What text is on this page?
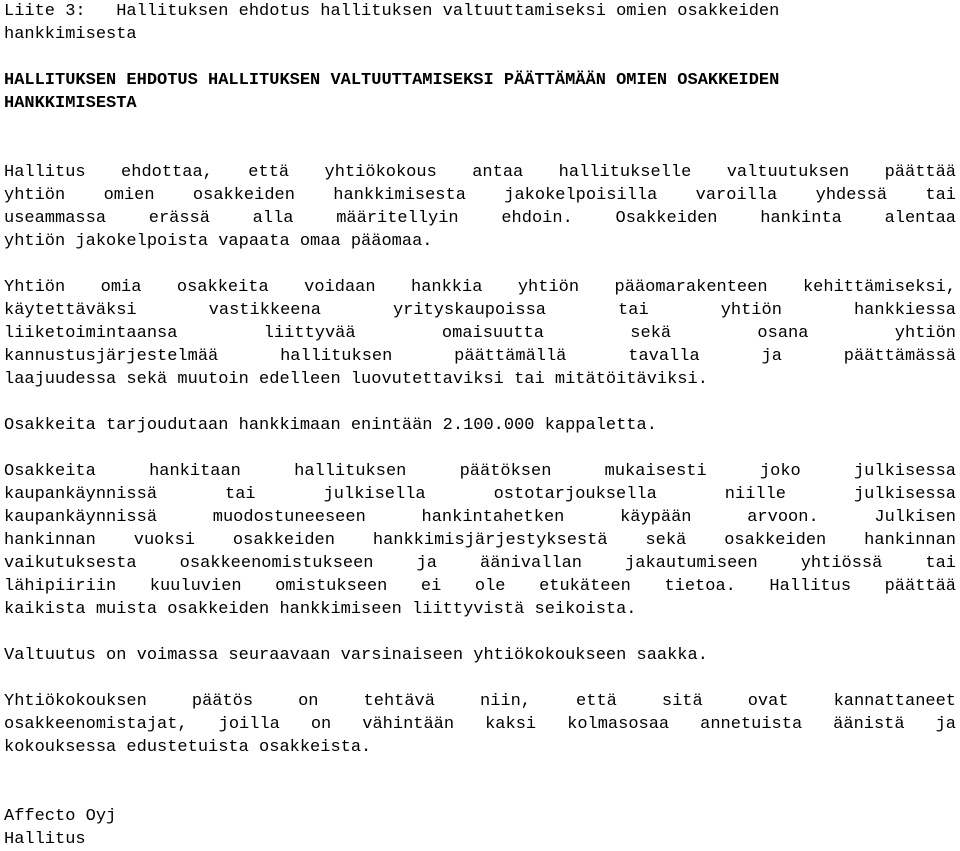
Liite 3:   Hallituksen ehdotus hallituksen valtuuttamiseksi omien osakkeiden
hankkimisesta
HALLITUKSEN EHDOTUS HALLITUKSEN VALTUUTTAMISEKSI PÄÄTTÄMÄÄN OMIEN OSAKKEIDEN
HANKKIMISESTA
Hallitus ehdottaa, että yhtiökokous antaa hallitukselle valtuutuksen päättää
yhtiön omien osakkeiden hankkimisesta jakokelpoisilla varoilla yhdessä tai
useammassa erässä alla määritellyin ehdoin. Osakkeiden hankinta alentaa
yhtiön jakokelpoista vapaata omaa pääomaa.
Yhtiön omia osakkeita voidaan hankkia yhtiön pääomarakenteen kehittämiseksi,
käytettäväksi vastikkeena yrityskaupoissa tai yhtiön hankkiessa
liiketoimintaansa liittyvää omaisuutta sekä osana yhtiön
kannustusjärjestelmää hallituksen päättämällä tavalla ja päättämässä
laajuudessa sekä muutoin edelleen luovutettaviksi tai mitätöitäviksi.
Osakkeita tarjoudutaan hankkimaan enintään 2.100.000 kappaletta.
Osakkeita hankitaan hallituksen päätöksen mukaisesti joko julkisessa
kaupankäynnissä tai julkisella ostotarjouksella niille julkisessa
kaupankäynnissä muodostuneeseen hankintahetken käypään arvoon. Julkisen
hankinnan vuoksi osakkeiden hankkimisjärjestyksestä sekä osakkeiden hankinnan
vaikutuksesta osakkeenomistukseen ja äänivallan jakautumiseen yhtiössä tai
lähipiiriin kuuluvien omistukseen ei ole etukäteen tietoa. Hallitus päättää
kaikista muista osakkeiden hankkimiseen liittyvistä seikoista.
Valtuutus on voimassa seuraavaan varsinaiseen yhtiökokoukseen saakka.
Yhtiökokouksen päätös on tehtävä niin, että sitä ovat kannattaneet
osakkeenomistajat, joilla on vähintään kaksi kolmasosaa annetuista äänistä ja
kokouksessa edustetuista osakkeista.
Affecto Oyj
Hallitus
